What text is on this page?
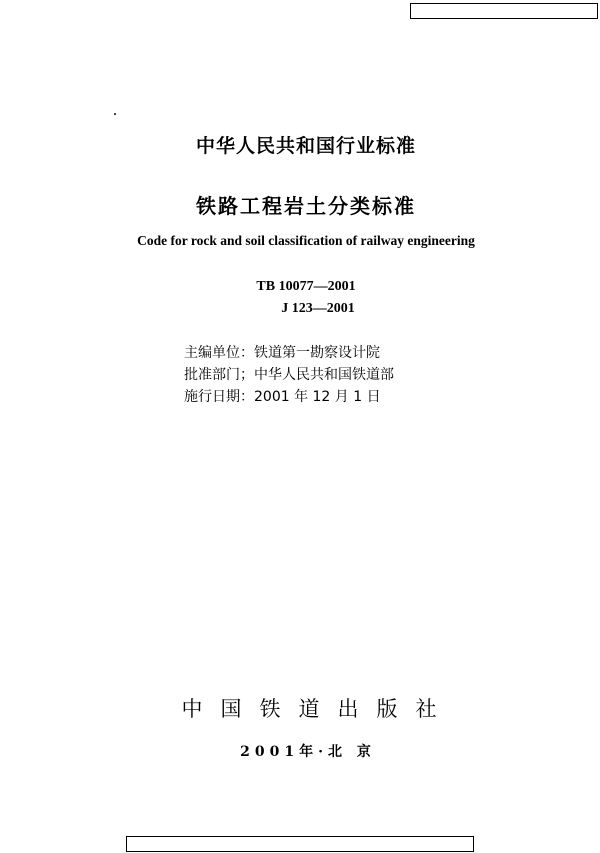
中华人民共和国行业标准
铁路工程岩土分类标准
Code for rock and soil classification of railway engineering
TB 10077—2001
J 123—2001
主编单位：铁道第一勘察设计院
批准部门；中华人民共和国铁道部
施行日期：2001 年 12 月 1 日
中国铁道出版社
2001年·北 京
